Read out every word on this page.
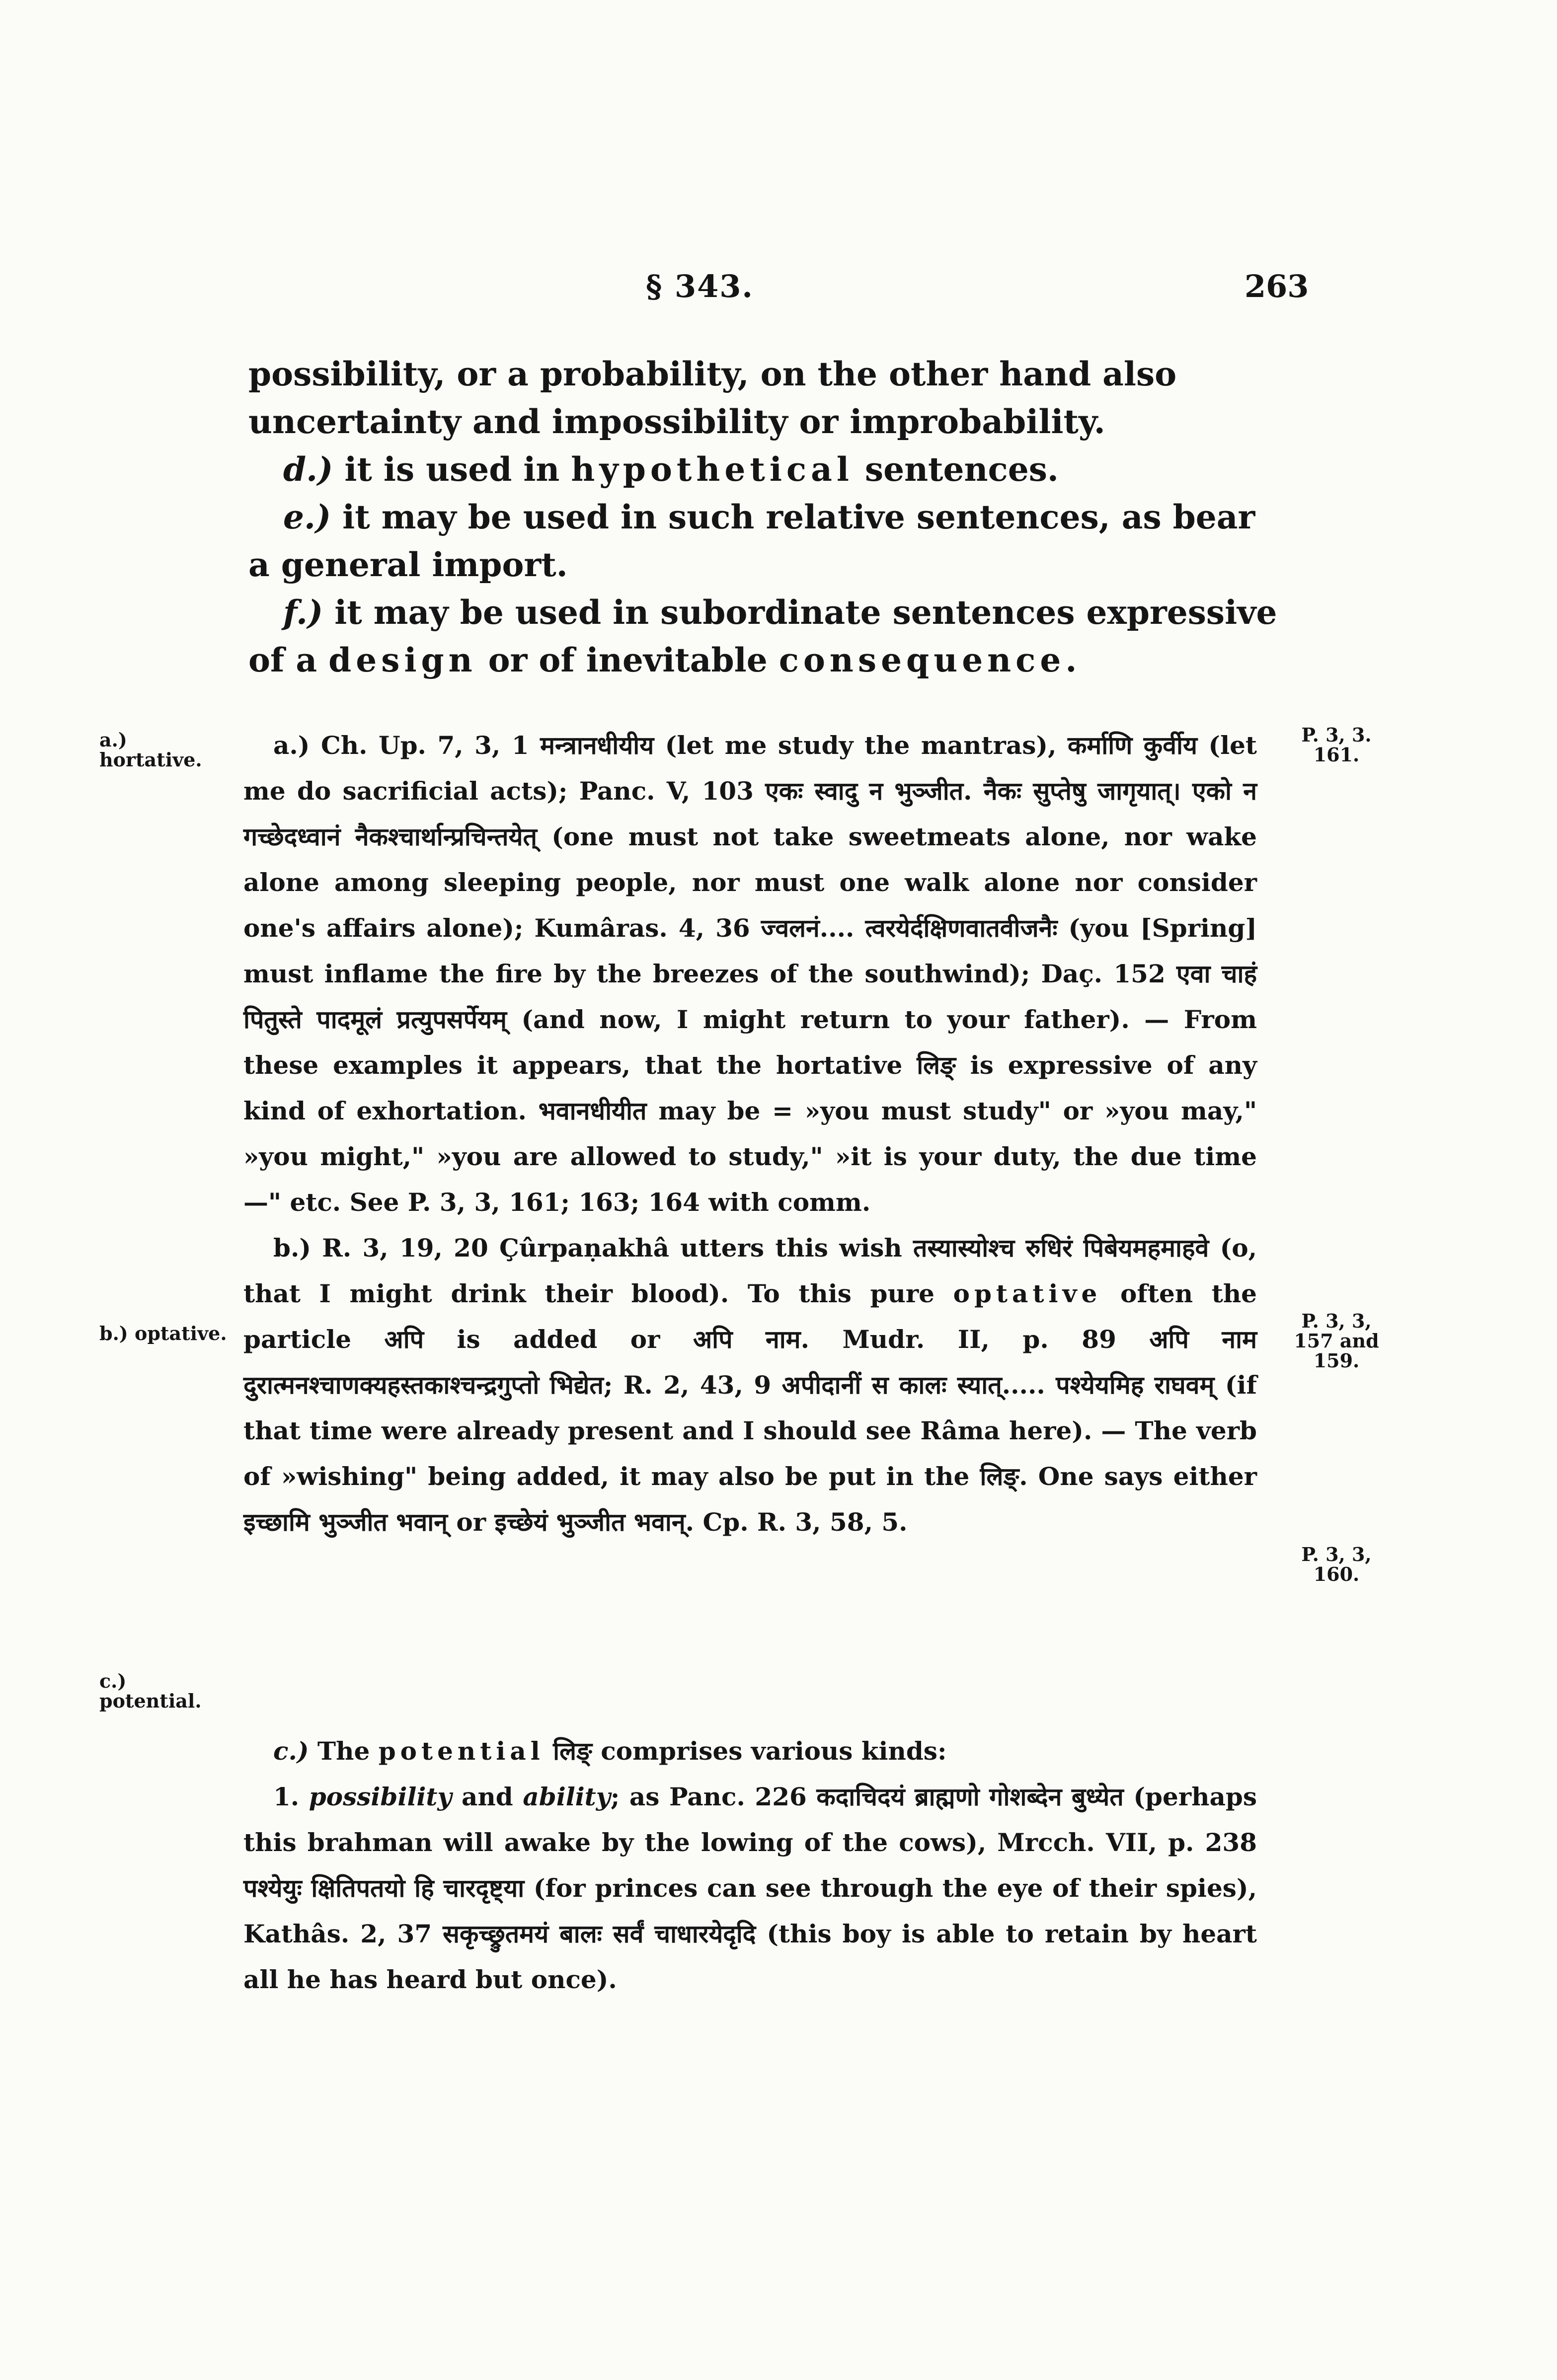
§ 343.	263

possibility, or a probability, on the other hand also uncertainty and impossibility or improbability.

d.) it is used in hypothetical sentences.

e.) it may be used in such relative sentences, as bear a general import.

f.) it may be used in subordinate sentences expressive of a design or of inevitable consequence.

a.) hortative.
P. 3, 3. 161.
b.) optative.
P. 3, 3, 157 and 159.
P. 3, 3, 160.
c.) potential.

a.) Ch. Up. 7, 3, 1 मन्त्रानधीयीय (let me study the mantras), कर्माणि कुर्वीय (let me do sacrificial acts); Panc. V, 103 एकः स्वादु न भुञ्जीत. नैकः सुप्तेषु जागृयात्। एको न गच्छेदध्वानं नैकश्चार्थान्प्रचिन्तयेत् (one must not take sweetmeats alone, nor wake alone among sleeping people, nor must one walk alone nor consider one's affairs alone); Kumâras. 4, 36 ज्वलनं.... त्वरयेर्दक्षिणवातवीजनैः (you [Spring] must inflame the fire by the breezes of the southwind); Daç. 152 एवा चाहं पितुस्ते पादमूलं प्रत्युपसर्पेयम् (and now, I might return to your father). — From these examples it appears, that the hortative लिङ् is expressive of any kind of exhortation. भवानधीयीत may be = »you must study" or »you may," »you might," »you are allowed to study," »it is your duty, the due time —" etc. See P. 3, 3, 161; 163; 164 with comm.

b.) R. 3, 19, 20 Çûrpaṇakhâ utters this wish तस्यास्योश्च रुधिरं पिबेयमहमाहवे (o, that I might drink their blood). To this pure optative often the particle अपि is added or अपि नाम. Mudr. II, p. 89 अपि नाम दुरात्मनश्चाणक्यहस्तकाश्चन्द्रगुप्तो भिद्येत; R. 2, 43, 9 अपीदानीं स कालः स्यात्..... पश्येयमिह राघवम् (if that time were already present and I should see Râma here). — The verb of »wishing" being added, it may also be put in the लिङ्. One says either इच्छामि भुञ्जीत भवान् or इच्छेयं भुञ्जीत भवान्. Cp. R. 3, 58, 5.

c.) The potential लिङ् comprises various kinds:

1. possibility and ability; as Panc. 226 कदाचिदयं ब्राह्मणो गोशब्देन बुध्येत (perhaps this brahman will awake by the lowing of the cows), Mrcch. VII, p. 238 पश्येयुः क्षितिपतयो हि चारदृष्ट्या (for princes can see through the eye of their spies), Kathâs. 2, 37 सकृच्छ्रुतमयं बालः सर्वं चाधारयेदृदि (this boy is able to retain by heart all he has heard but once).
